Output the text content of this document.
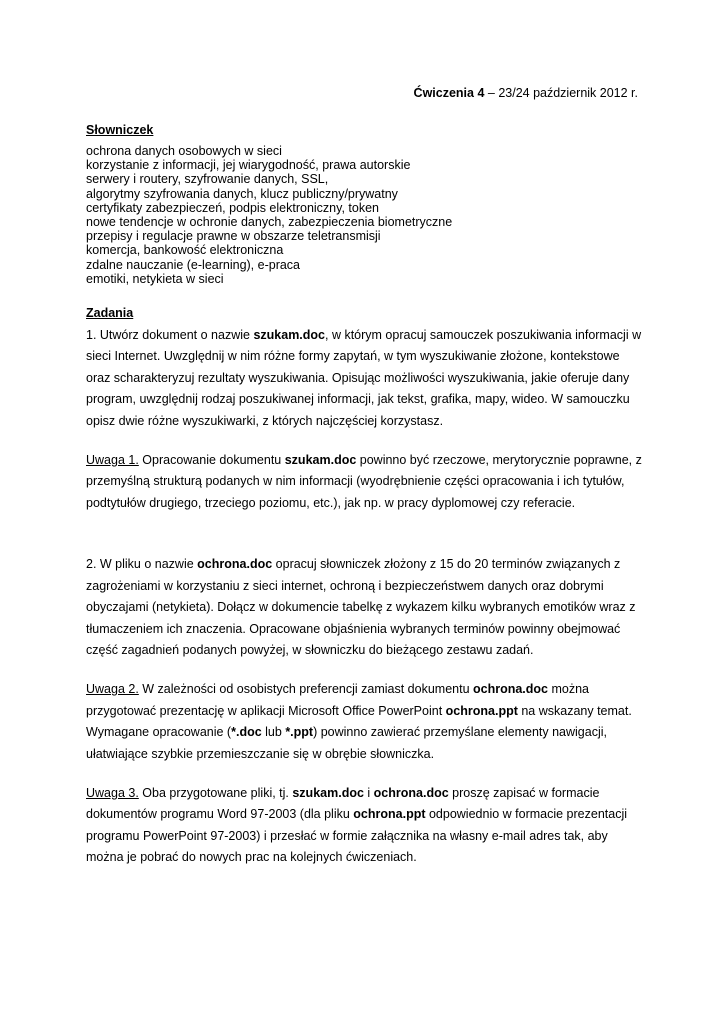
Ćwiczenia 4 – 23/24 październik 2012 r.
Słowniczek
ochrona danych osobowych w sieci
korzystanie z informacji, jej wiarygodność, prawa autorskie
serwery i routery, szyfrowanie danych, SSL,
algorytmy szyfrowania danych, klucz publiczny/prywatny
certyfikaty zabezpieczeń, podpis elektroniczny, token
nowe tendencje w ochronie danych, zabezpieczenia biometryczne
przepisy i regulacje prawne w obszarze teletransmisji
komercja, bankowość elektroniczna
zdalne nauczanie (e-learning), e-praca
emotiki, netykieta w sieci
Zadania

1. Utwórz dokument o nazwie szukam.doc, w którym opracuj samouczek poszukiwania informacji w sieci Internet. Uwzględnij w nim różne formy zapytań, w tym wyszukiwanie złożone, kontekstowe oraz scharakteryzuj rezultaty wyszukiwania. Opisując możliwości wyszukiwania, jakie oferuje dany program, uwzględnij rodzaj poszukiwanej informacji, jak tekst, grafika, mapy, wideo. W samouczku opisz dwie różne wyszukiwarki, z których najczęściej korzystasz.

Uwaga 1. Opracowanie dokumentu szukam.doc powinno być rzeczowe, merytorycznie poprawne, z przemyślną strukturą podanych w nim informacji (wyodrębnienie części opracowania i ich tytułów, podtytułów drugiego, trzeciego poziomu, etc.), jak np. w pracy dyplomowej czy referacie.

2. W pliku o nazwie ochrona.doc opracuj słowniczek złożony z 15 do 20 terminów związanych z zagrożeniami w korzystaniu z sieci internet, ochroną i bezpieczeństwem danych oraz dobrymi obyczajami (netykieta). Dołącz w dokumencie tabelkę z wykazem kilku wybranych emotików wraz z tłumaczeniem ich znaczenia. Opracowane objaśnienia wybranych terminów powinny obejmować część zagadnień podanych powyżej, w słowniczku do bieżącego zestawu zadań.

Uwaga 2. W zależności od osobistych preferencji zamiast dokumentu ochrona.doc można przygotować prezentację w aplikacji Microsoft Office PowerPoint ochrona.ppt na wskazany temat. Wymagane opracowanie (*.doc lub *.ppt) powinno zawierać przemyślane elementy nawigacji, ułatwiające szybkie przemieszczanie się w obrębie słowniczka.

Uwaga 3. Oba przygotowane pliki, tj. szukam.doc i ochrona.doc proszę zapisać w formacie dokumentów programu Word 97-2003 (dla pliku ochrona.ppt odpowiednio w formacie prezentacji programu PowerPoint 97-2003) i przesłać w formie załącznika na własny e-mail adres tak, aby można je pobrać do nowych prac na kolejnych ćwiczeniach.
